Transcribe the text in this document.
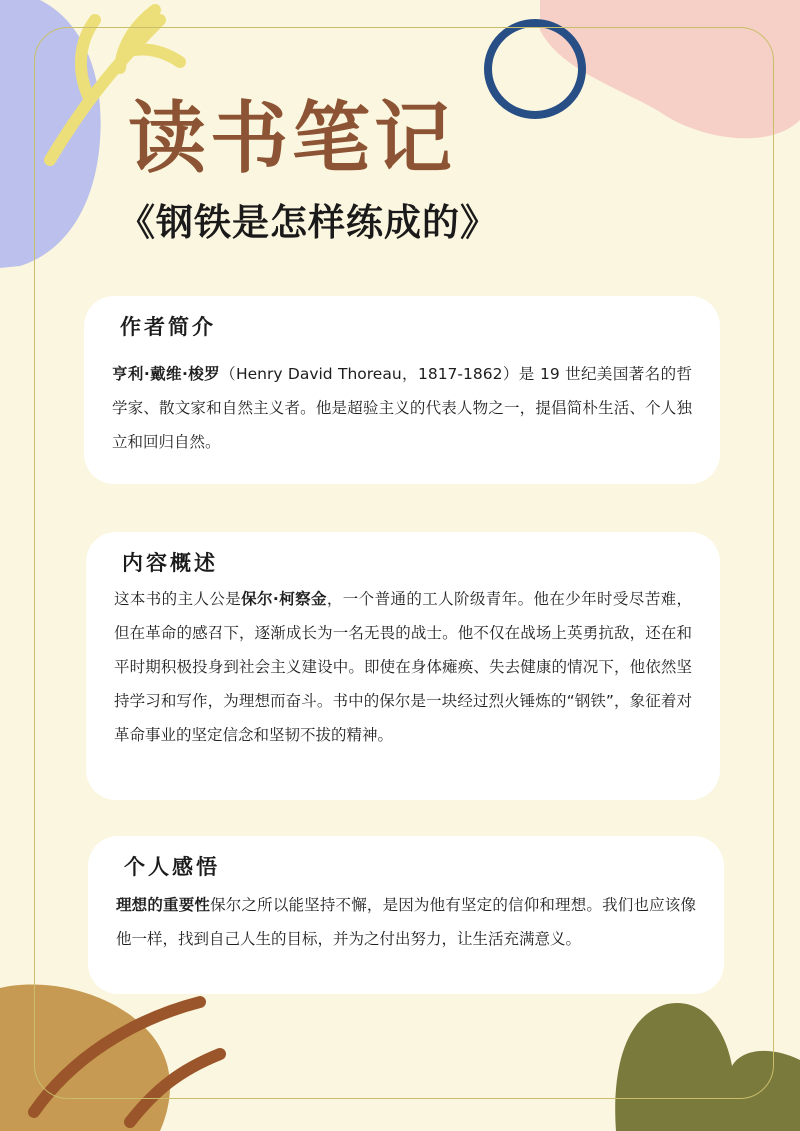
读书笔记
《钢铁是怎样练成的》
作者简介

亨利·戴维·梭罗（Henry David Thoreau，1817-1862）是 19 世纪美国著名的哲学家、散文家和自然主义者。他是超验主义的代表人物之一，提倡简朴生活、个人独立和回归自然。

内容概述

这本书的主人公是保尔·柯察金，一个普通的工人阶级青年。他在少年时受尽苦难，但在革命的感召下，逐渐成长为一名无畏的战士。他不仅在战场上英勇抗敌，还在和平时期积极投身到社会主义建设中。即使在身体瘫痪、失去健康的情况下，他依然坚持学习和写作，为理想而奋斗。书中的保尔是一块经过烈火锤炼的“钢铁”，象征着对革命事业的坚定信念和坚韧不拔的精神。

个人感悟

理想的重要性保尔之所以能坚持不懈，是因为他有坚定的信仰和理想。我们也应该像他一样，找到自己人生的目标，并为之付出努力，让生活充满意义。
